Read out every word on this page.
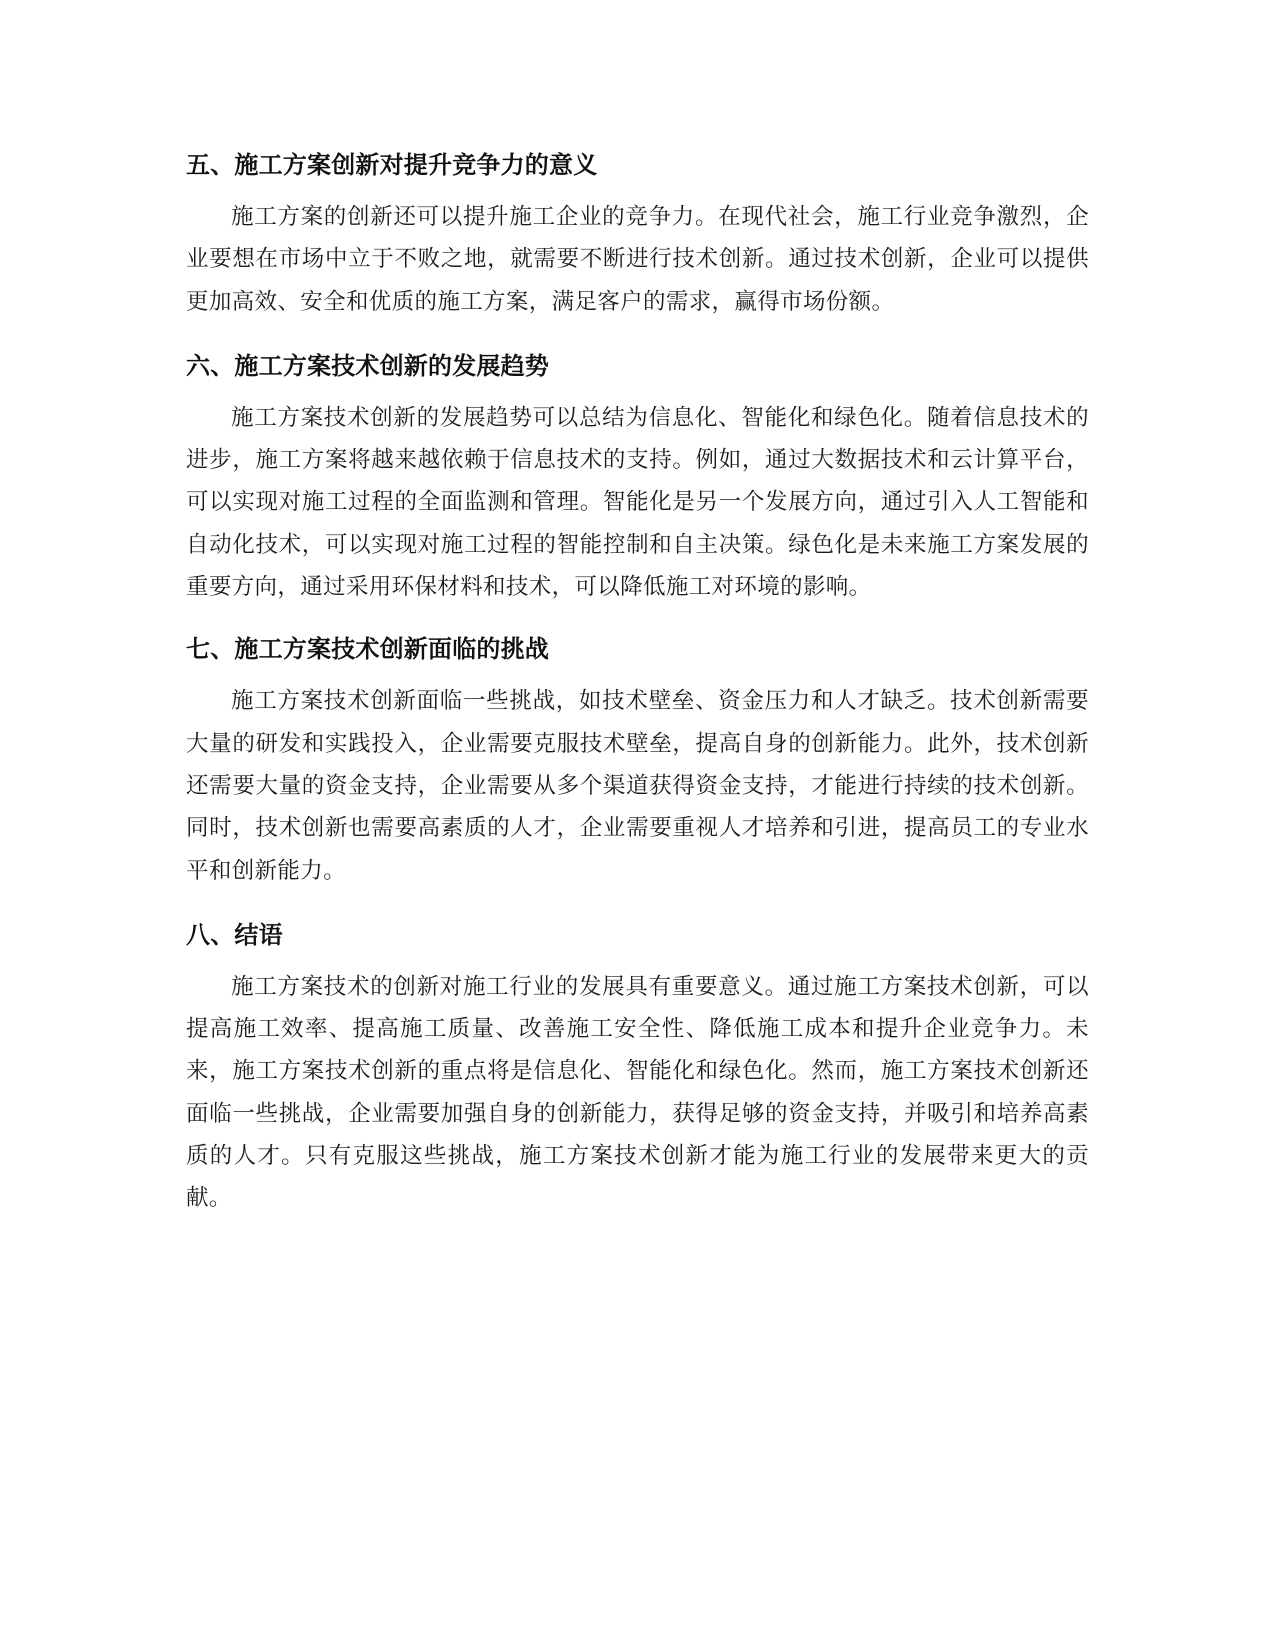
五、施工方案创新对提升竞争力的意义

施工方案的创新还可以提升施工企业的竞争力。在现代社会，施工行业竞争激烈，企业要想在市场中立于不败之地，就需要不断进行技术创新。通过技术创新，企业可以提供更加高效、安全和优质的施工方案，满足客户的需求，赢得市场份额。

六、施工方案技术创新的发展趋势

施工方案技术创新的发展趋势可以总结为信息化、智能化和绿色化。随着信息技术的进步，施工方案将越来越依赖于信息技术的支持。例如，通过大数据技术和云计算平台，可以实现对施工过程的全面监测和管理。智能化是另一个发展方向，通过引入人工智能和自动化技术，可以实现对施工过程的智能控制和自主决策。绿色化是未来施工方案发展的重要方向，通过采用环保材料和技术，可以降低施工对环境的影响。

七、施工方案技术创新面临的挑战

施工方案技术创新面临一些挑战，如技术壁垒、资金压力和人才缺乏。技术创新需要大量的研发和实践投入，企业需要克服技术壁垒，提高自身的创新能力。此外，技术创新还需要大量的资金支持，企业需要从多个渠道获得资金支持，才能进行持续的技术创新。同时，技术创新也需要高素质的人才，企业需要重视人才培养和引进，提高员工的专业水平和创新能力。

八、结语

施工方案技术的创新对施工行业的发展具有重要意义。通过施工方案技术创新，可以提高施工效率、提高施工质量、改善施工安全性、降低施工成本和提升企业竞争力。未来，施工方案技术创新的重点将是信息化、智能化和绿色化。然而，施工方案技术创新还面临一些挑战，企业需要加强自身的创新能力，获得足够的资金支持，并吸引和培养高素质的人才。只有克服这些挑战，施工方案技术创新才能为施工行业的发展带来更大的贡献。
